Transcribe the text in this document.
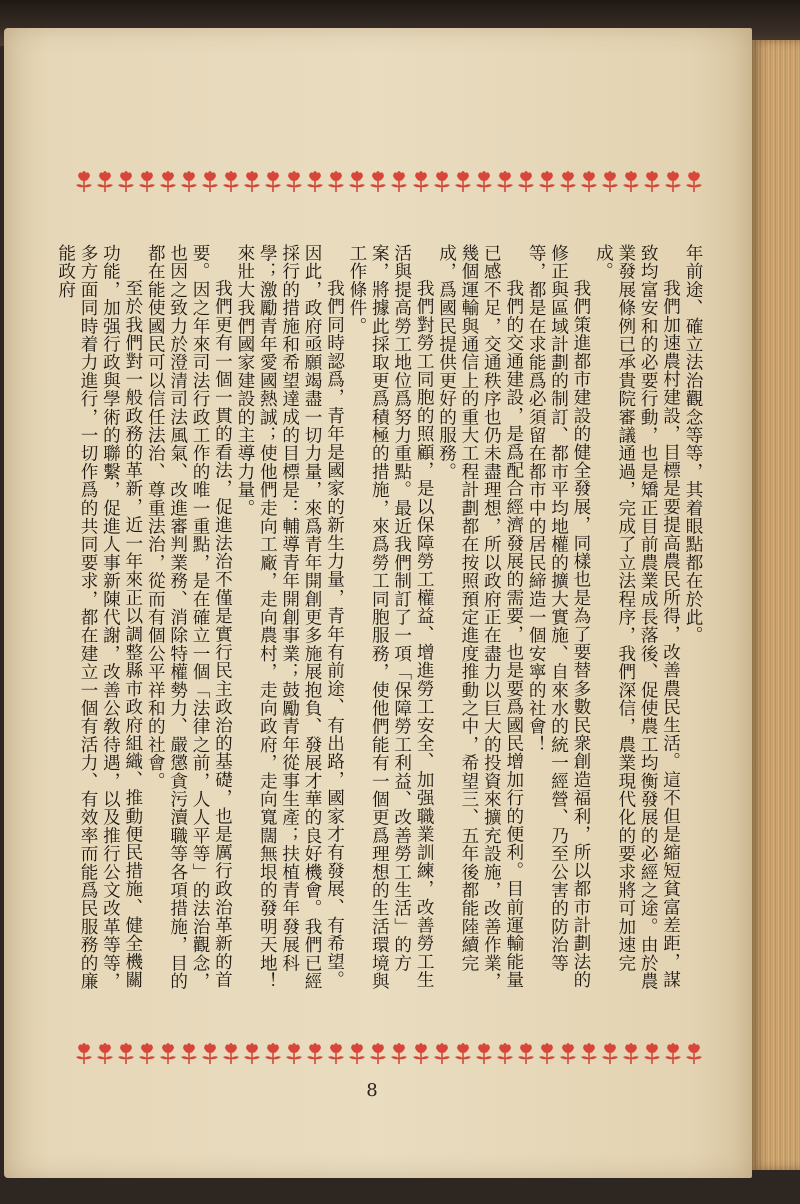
年前途、確立法治觀念等等，其着眼點都在於此。

我們加速農村建設，目標是要提高農民所得，改善農民生活。這不但是縮短貧富差距，謀致均富安和的必要行動，也是矯正目前農業成長落後、促使農工均衡發展的必經之途。由於農業發展條例已承貴院審議通過，完成了立法程序，我們深信，農業現代化的要求將可加速完成。

我們策進都市建設的健全發展，同樣也是為了要替多數民衆創造福利，所以都市計劃法的修正與區域計劃的制訂、都市平均地權的擴大實施、自來水的統一經營、乃至公害的防治等等，都是在求能爲必須留在都市中的居民締造一個安寧的社會！

我們的交通建設，是爲配合經濟發展的需要，也是要爲國民增加行的便利。目前運輸能量已感不足，交通秩序也仍未盡理想，所以政府正在盡力以巨大的投資來擴充設施，改善作業，幾個運輸與通信上的重大工程計劃都在按照預定進度推動之中，希望三、五年後都能陸續完成，爲國民提供更好的服務。

我們對勞工同胞的照顧，是以保障勞工權益、增進勞工安全、加强職業訓練，改善勞工生活與提高勞工地位爲努力重點。最近我們制訂了一項「保障勞工利益、改善勞工生活」的方案，將據此採取更爲積極的措施，來爲勞工同胞服務，使他們能有一個更爲理想的生活環境與工作條件。

我們同時認爲，青年是國家的新生力量，青年有前途、有出路，國家才有發展、有希望。因此，政府亟願竭盡一切力量，來爲青年開創更多施展抱負、發展才華的良好機會。我們已經採行的措施和希望達成的目標是：輔導青年開創事業；鼓勵青年從事生產；扶植青年發展科學；激勵青年愛國熱誠；使他們走向工廠，走向農村，走向政府，走向寬闊無垠的發明天地！來壯大我們國家建設的主導力量。

我們更有一個一貫的看法，促進法治不僅是實行民主政治的基礎，也是厲行政治革新的首要。因之年來司法行政工作的唯一重點，是在確立一個「法律之前，人人平等」的法治觀念，也因之致力於澄清司法風氣、改進審判業務、消除特權勢力、嚴懲貪污瀆職等各項措施，目的都在能使國民可以信任法治、尊重法治，從而有個公平祥和的社會。

至於我們對一般政務的革新，近一年來正以調整縣市政府組織、推動便民措施、健全機關功能，加强行政與學術的聯繫，促進人事新陳代謝，改善公敎待遇，以及推行公文改革等等，多方面同時着力進行，一切作爲的共同要求，都在建立一個有活力、有效率而能爲民服務的廉能政府

8
